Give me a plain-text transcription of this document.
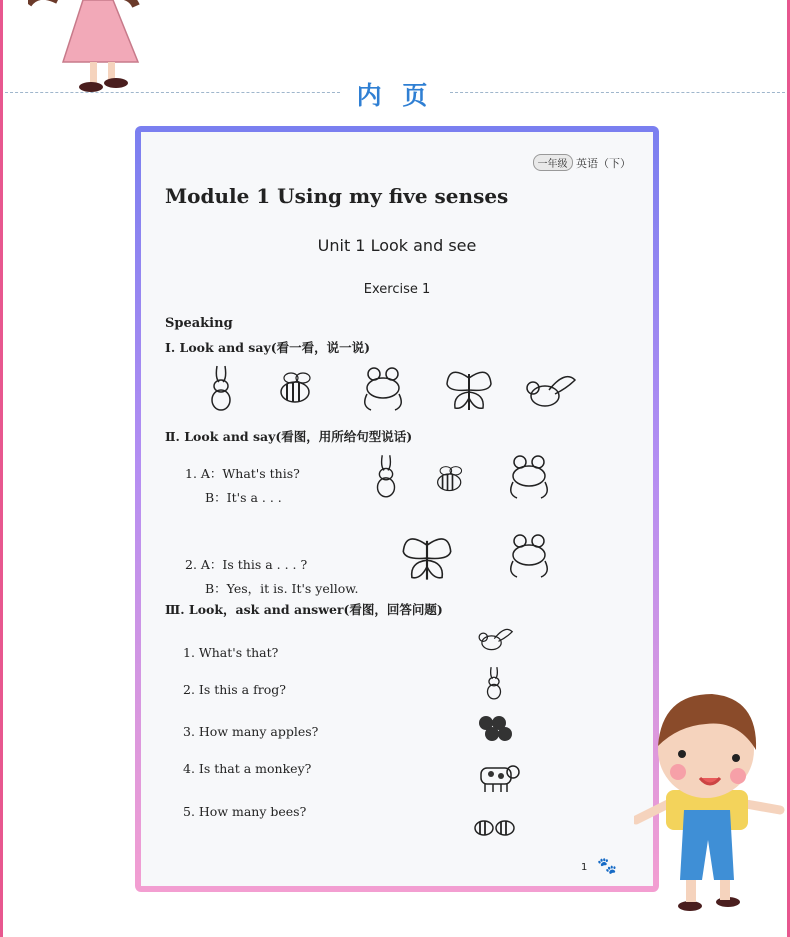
内 页
一年级 英语（下）
Module 1 Using my five senses
Unit 1 Look and see
Exercise 1
Speaking
Ⅰ. Look and say(看一看，说一说)
Ⅱ. Look and say(看图，用所给句型说话)
1. A：What's this?
B：It's a . . .
2. A：Is this a . . . ?
B：Yes，it is. It's yellow.
Ⅲ. Look，ask and answer(看图，回答问题)
1. What's that?
2. Is this a frog?
3. How many apples?
4. Is that a monkey?
5. How many bees?
1 🐾
